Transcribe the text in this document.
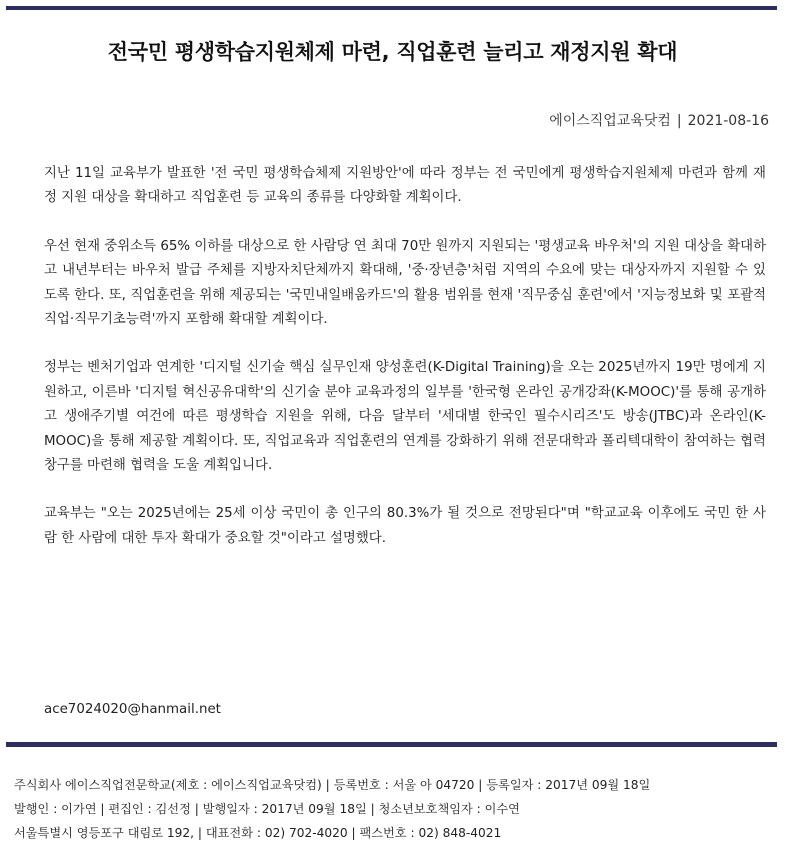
전국민 평생학습지원체제 마련, 직업훈련 늘리고 재정지원 확대
에이스직업교육닷컴 | 2021-08-16

지난 11일 교육부가 발표한 '전 국민 평생학습체제 지원방안'에 따라 정부는 전 국민에게 평생학습지원체제 마련과 함께 재정 지원 대상을 확대하고 직업훈련 등 교육의 종류를 다양화할 계획이다.

우선 현재 중위소득 65% 이하를 대상으로 한 사람당 연 최대 70만 원까지 지원되는 '평생교육 바우처'의 지원 대상을 확대하고 내년부터는 바우처 발급 주체를 지방자치단체까지 확대해, '중·장년층'처럼 지역의 수요에 맞는 대상자까지 지원할 수 있도록 한다. 또, 직업훈련을 위해 제공되는 '국민내일배움카드'의 활용 범위를 현재 '직무중심 훈련'에서 '지능정보화 및 포괄적 직업·직무기초능력'까지 포함해 확대할 계획이다.

정부는 벤처기업과 연계한 '디지털 신기술 핵심 실무인재 양성훈련(K-Digital Training)을 오는 2025년까지 19만 명에게 지원하고, 이른바 '디지털 혁신공유대학'의 신기술 분야 교육과정의 일부를 '한국형 온라인 공개강좌(K-MOOC)'를 통해 공개하고 생애주기별 여건에 따른 평생학습 지원을 위해, 다음 달부터 '세대별 한국인 필수시리즈'도 방송(JTBC)과 온라인(K-MOOC)을 통해 제공할 계획이다. 또, 직업교육과 직업훈련의 연계를 강화하기 위해 전문대학과 폴리텍대학이 참여하는 협력 창구를 마련해 협력을 도울 계획입니다.

교육부는 "오는 2025년에는 25세 이상 국민이 총 인구의 80.3%가 될 것으로 전망된다"며 "학교교육 이후에도 국민 한 사람 한 사람에 대한 투자 확대가 중요할 것"이라고 설명했다.

ace7024020@hanmail.net
주식회사 에이스직업전문학교(제호 : 에이스직업교육닷컴) | 등록번호 : 서울 아 04720 | 등록일자 : 2017년 09월 18일
발행인 : 이가연 | 편집인 : 김선정 | 발행일자 : 2017년 09월 18일 | 청소년보호책임자 : 이수연
서울특별시 영등포구 대림로 192, | 대표전화 : 02) 702-4020 | 팩스번호 : 02) 848-4021
